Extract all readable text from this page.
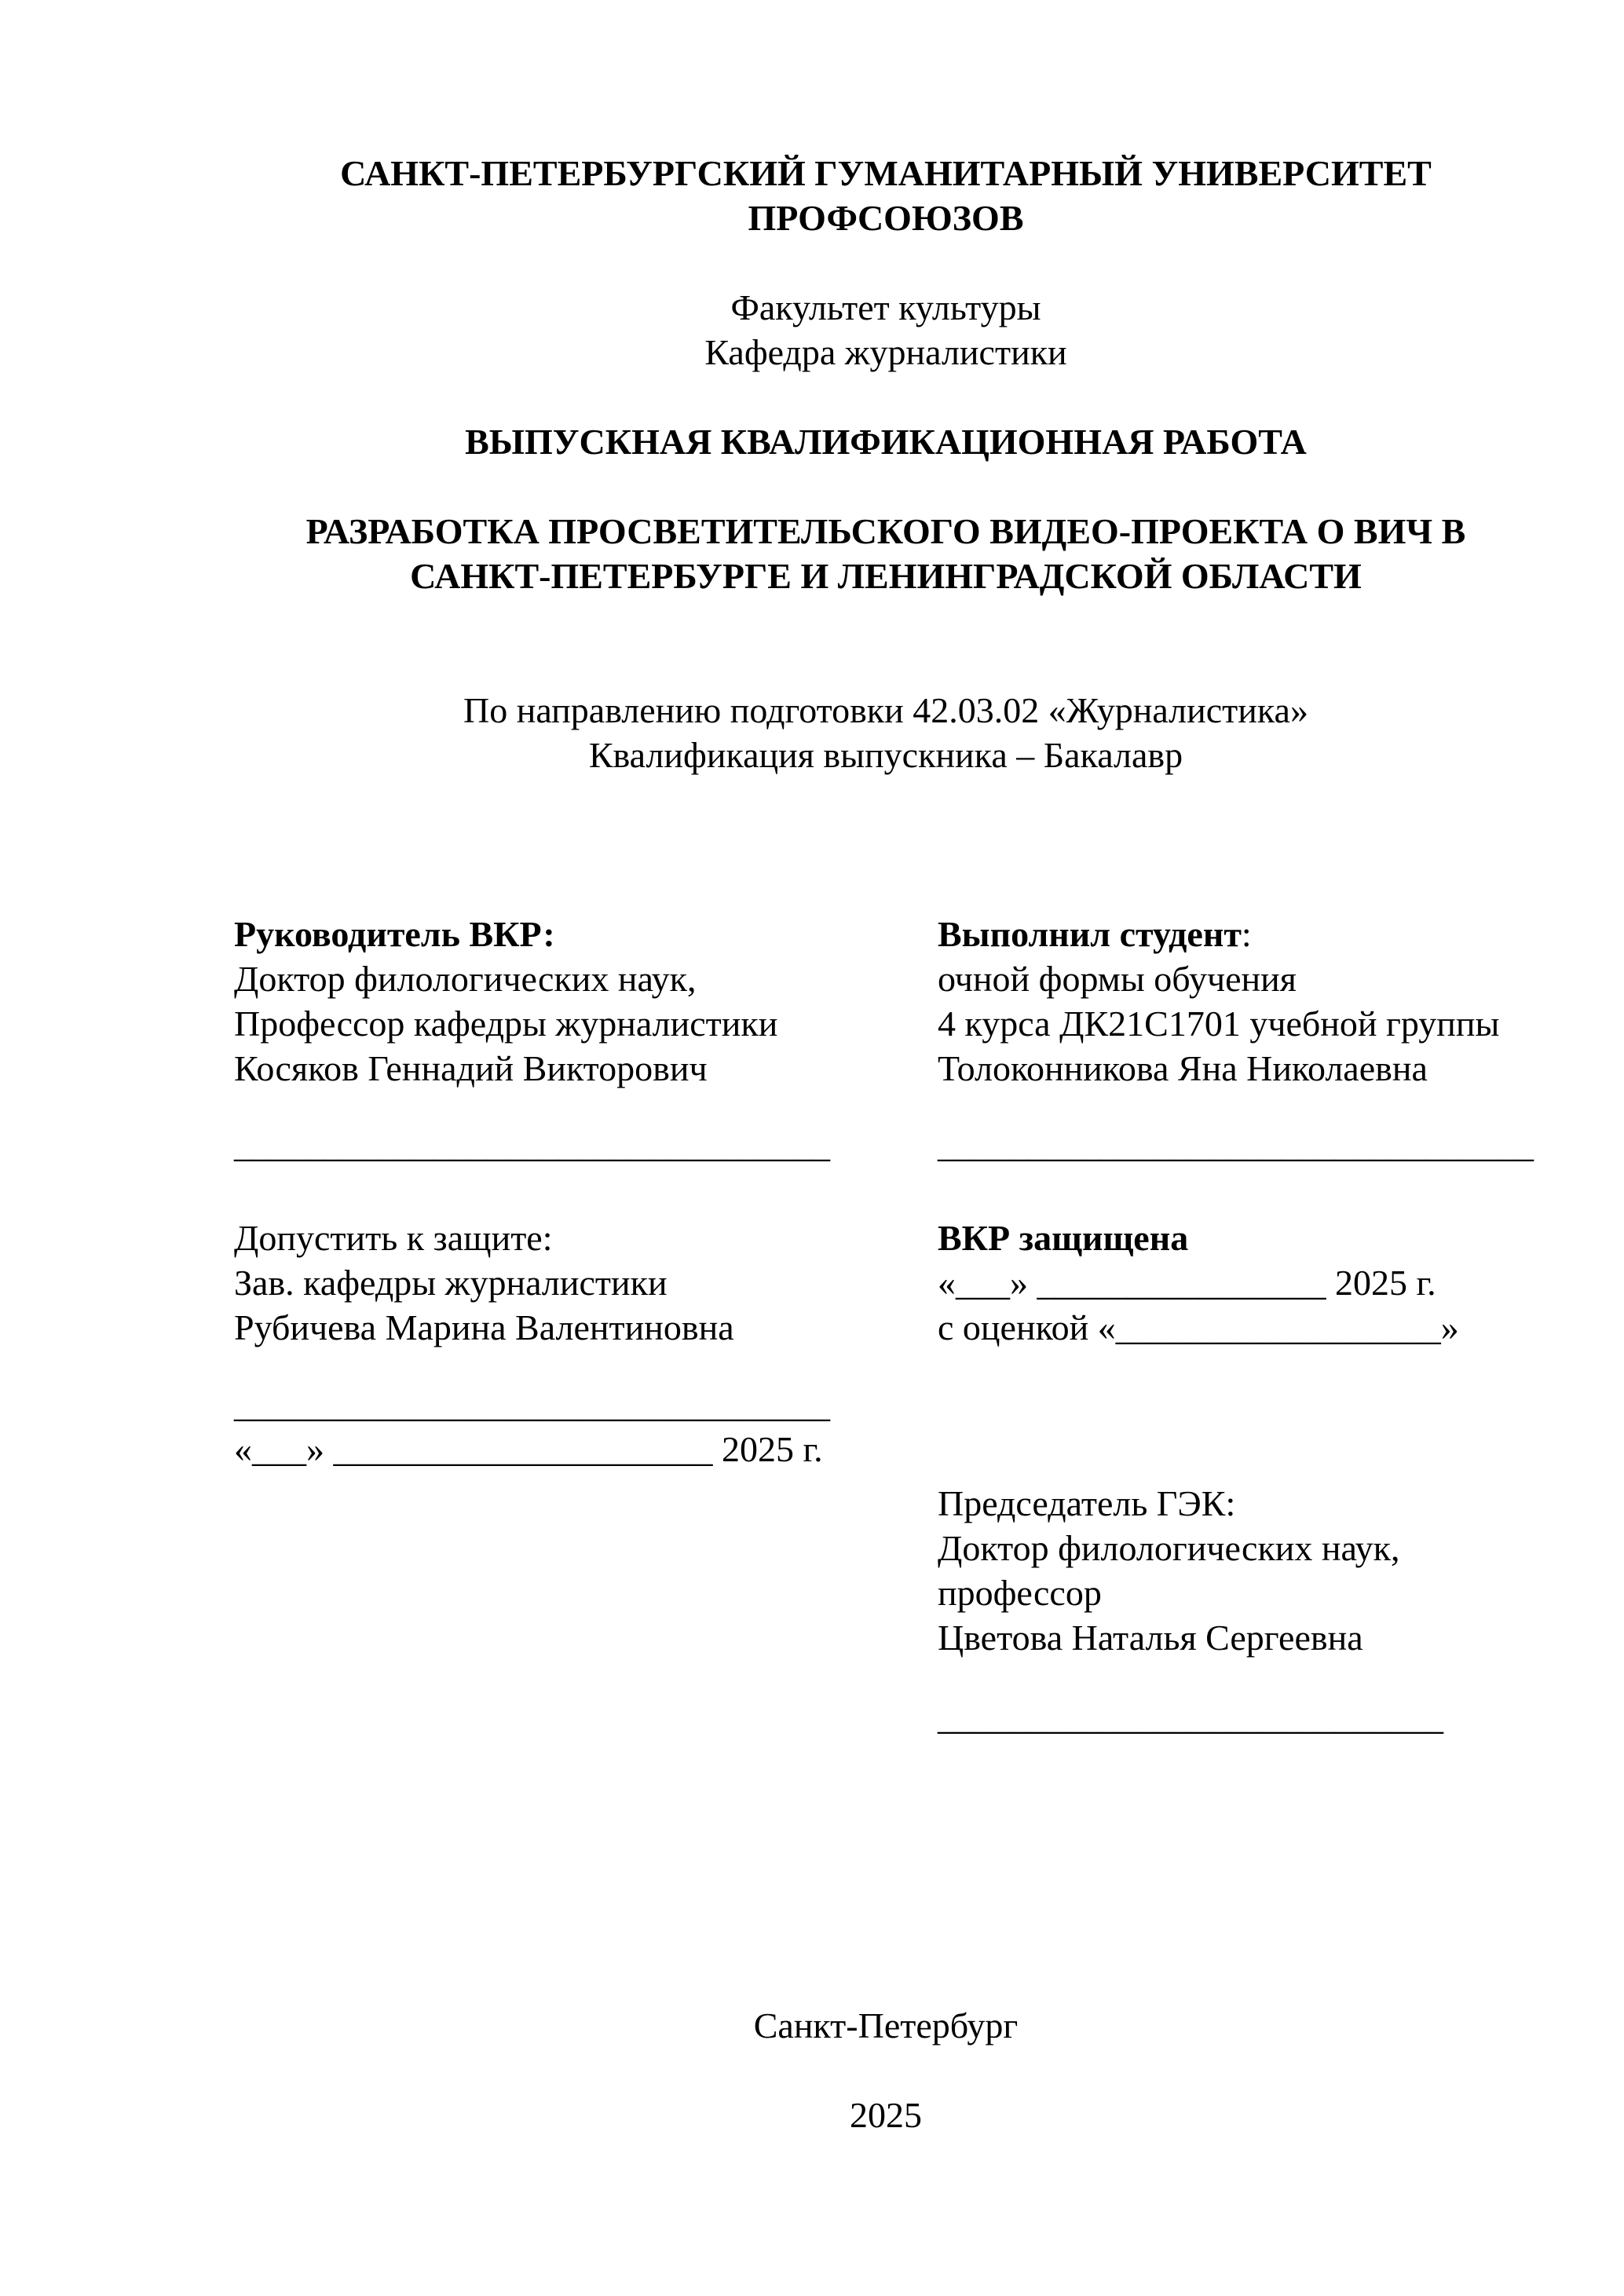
САНКТ-ПЕТЕРБУРГСКИЙ ГУМАНИТАРНЫЙ УНИВЕРСИТЕТ
ПРОФСОЮЗОВ

Факультет культуры

Кафедра журналистики

ВЫПУСКНАЯ КВАЛИФИКАЦИОННАЯ РАБОТА

РАЗРАБОТКА ПРОСВЕТИТЕЛЬСКОГО ВИДЕО-ПРОЕКТА О ВИЧ В
САНКТ-ПЕТЕРБУРГЕ И ЛЕНИНГРАДСКОЙ ОБЛАСТИ

По направлению подготовки 42.03.02 «Журналистика»

Квалификация выпускника – Бакалавр

Руководитель ВКР:

Доктор филологических наук,

Профессор кафедры журналистики

Косяков Геннадий Викторович

_________________________________

Допустить к защите:

Зав. кафедры журналистики

Рубичева Марина Валентиновна

_________________________________

«___» _____________________ 2025 г.

Выполнил студент:

очной формы обучения

4 курса ДК21С1701 учебной группы

Толоконникова Яна Николаевна

_________________________________

ВКР защищена

«___» ________________ 2025 г.

с оценкой «__________________»

Председатель ГЭК:

Доктор филологических наук,

профессор

Цветова Наталья Сергеевна

____________________________

Санкт-Петербург

2025
